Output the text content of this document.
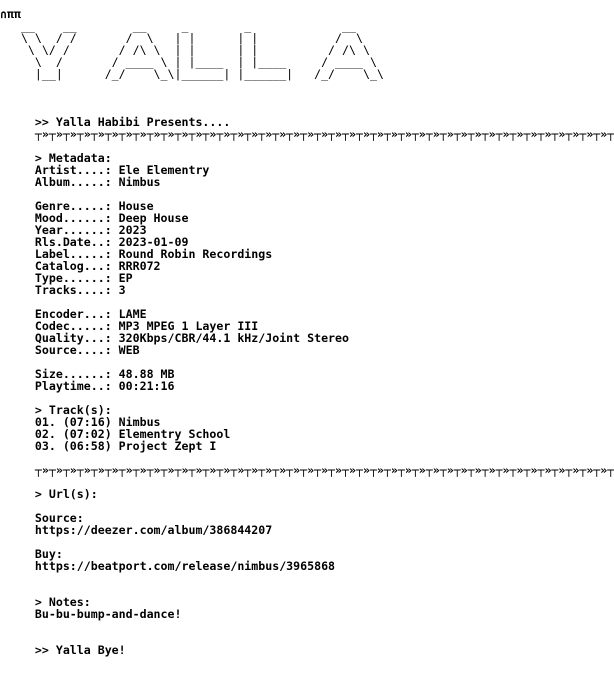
∩ππ
__    __        __     _        _             __
\ \  / /       /  \   | |      | |           /  \
\ \/ /       / /\ \  | |      | |          / /\ \
\  /       / ____ \ | |____  | |____     / ____ \
|__|      /_/    \_\|______| |______|   /_/    \_\

>> Yalla Habibi Presents....
┬»┬»┬»┬»┬»┬»┬»┬»┬»┬»┬»┬»┬»┬»┬»┬»┬»┬»┬»┬»┬»┬»┬»┬»┬»┬»┬»┬»┬»┬»┬»┬»┬»┬»┬»┬»┬»┬»┬»┬»┬»┬

> Metadata:
Artist....: Ele Elementry
Album.....: Nimbus

Genre.....: House
Mood......: Deep House
Year......: 2023
Rls.Date..: 2023-01-09
Label.....: Round Robin Recordings
Catalog...: RRR072
Type......: EP
Tracks....: 3

Encoder...: LAME
Codec.....: MP3 MPEG 1 Layer III
Quality...: 320Kbps/CBR/44.1 kHz/Joint Stereo
Source....: WEB

Size......: 48.88 MB
Playtime..: 00:21:16

> Track(s):
01. (07:16) Nimbus
02. (07:02) Elementry School
03. (06:58) Project Zept I

┬»┬»┬»┬»┬»┬»┬»┬»┬»┬»┬»┬»┬»┬»┬»┬»┬»┬»┬»┬»┬»┬»┬»┬»┬»┬»┬»┬»┬»┬»┬»┬»┬»┬»┬»┬»┬»┬»┬»┬»┬»┬

> Url(s):

Source:
https://deezer.com/album/386844207

Buy:
https://beatport.com/release/nimbus/3965868

> Notes:
Bu-bu-bump-and-dance!

>> Yalla Bye!
